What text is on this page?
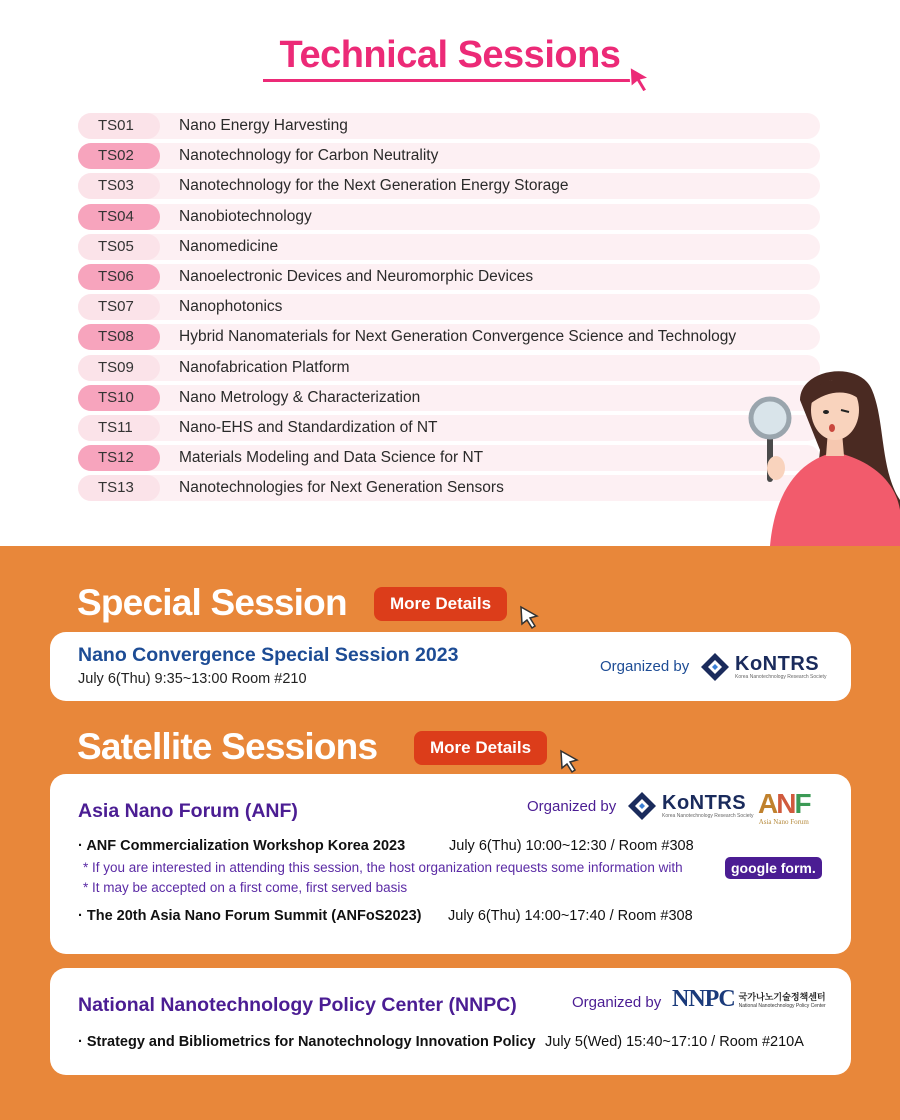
Technical Sessions
TS01	Nano Energy Harvesting
TS02	Nanotechnology for Carbon Neutrality
TS03	Nanotechnology for the Next Generation Energy Storage
TS04	Nanobiotechnology
TS05	Nanomedicine
TS06	Nanoelectronic Devices and Neuromorphic Devices
TS07	Nanophotonics
TS08	Hybrid Nanomaterials for Next Generation Convergence Science and Technology
TS09	Nanofabrication Platform
TS10	Nano Metrology & Characterization
TS11	Nano-EHS and Standardization of NT
TS12	Materials Modeling and Data Science for NT
TS13	Nanotechnologies for Next Generation Sensors
Special Session	More Details
Nano Convergence Special Session 2023
July 6(Thu) 9:35~13:00 Room #210
Organized by KoNTRS
Korea Nanotechnology Research Society
Satellite Sessions	More Details
Asia Nano Forum (ANF)	Organized by KoNTRS
Korea Nanotechnology Research Society ANF
Asia Nano Forum
· ANF Commercialization Workshop Korea 2023	July 6(Thu) 10:00~12:30 / Room #308
* If you are interested in attending this session, the host organization requests some information with	google form.
* It may be accepted on a first come, first served basis
· The 20th Asia Nano Forum Summit (ANFoS2023) July 6(Thu) 14:00~17:40 / Room #308
National Nanotechnology Policy Center (NNPC)	Organized by NNPC 국가나노기술정책센터
National Nanotechnology Policy Center
· Strategy and Bibliometrics for Nanotechnology Innovation Policy July 5(Wed) 15:40~17:10 / Room #210A
